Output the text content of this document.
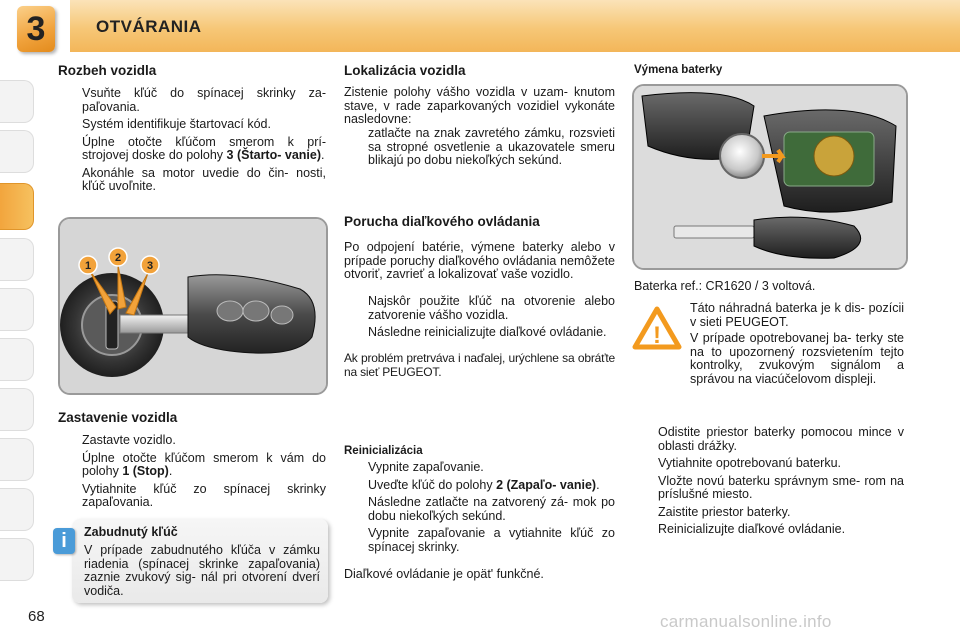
3	OTVÁRANIA
Rozbeh vozidla
Vsuňte kľúč do spínacej skrinky za- paľovania.
Systém identifikuje štartovací kód.
Úplne otočte kľúčom smerom k prí- strojovej doske do polohy 3 (Štarto- vanie).
Akonáhle sa motor uvedie do čin- nosti, kľúč uvoľnite.
1
2
3
Zastavenie vozidla
Zastavte vozidlo.
Úplne otočte kľúčom smerom k vám do polohy 1 (Stop).
Vytiahnite kľúč zo spínacej skrinky zapaľovania.
i	Zabudnutý kľúč

V prípade zabudnutého kľúča v zámku riadenia (spínacej skrinke zapaľovania) zaznie zvukový sig- nál pri otvorení dverí vodiča.

Lokalizácia vozidla

Zistenie polohy vášho vozidla v uzam- knutom stave, v rade zaparkovaných vozidiel vykonáte nasledovne:

zatlačte na znak zavretého zámku, rozsvieti sa stropné osvetlenie a ukazovatele smeru blikajú po dobu niekoľkých sekúnd.
Porucha diaľkového ovládania

Po odpojení batérie, výmene baterky alebo v prípade poruchy diaľkového ovládania nemôžete otvoriť, zavrieť a lokalizovať vaše vozidlo.

Najskôr použite kľúč na otvorenie alebo zatvorenie vášho vozidla.
Následne reinicializujte diaľkové ovládanie.

Ak problém pretrváva i naďalej, urýchlene sa obráťte na sieť PEUGEOT.

Reinicializácia
Vypnite zapaľovanie.
Uveďte kľúč do polohy 2 (Zapaľo- vanie).
Následne zatlačte na zatvorený zá- mok po dobu niekoľkých sekúnd.
Vypnite zapaľovanie a vytiahnite kľúč zo spínacej skrinky.

Diaľkové ovládanie je opät' funkčné.

Výmena baterky
Baterka ref.: CR1620 / 3 voltová.
!

Táto náhradná baterka je k dis- pozícii v sieti PEUGEOT.

V prípade opotrebovanej ba- terky ste na to upozornený rozsvietením tejto kontrolky, zvukovým signálom a správou na viacúčelovom displeji.

Odistite priestor baterky pomocou mince v oblasti drážky.
Vytiahnite opotrebovanú baterku.
Vložte novú baterku správnym sme- rom na príslušné miesto.
Zaistite priestor baterky.
Reinicializujte diaľkové ovládanie.
68	carmanualsonline.info
